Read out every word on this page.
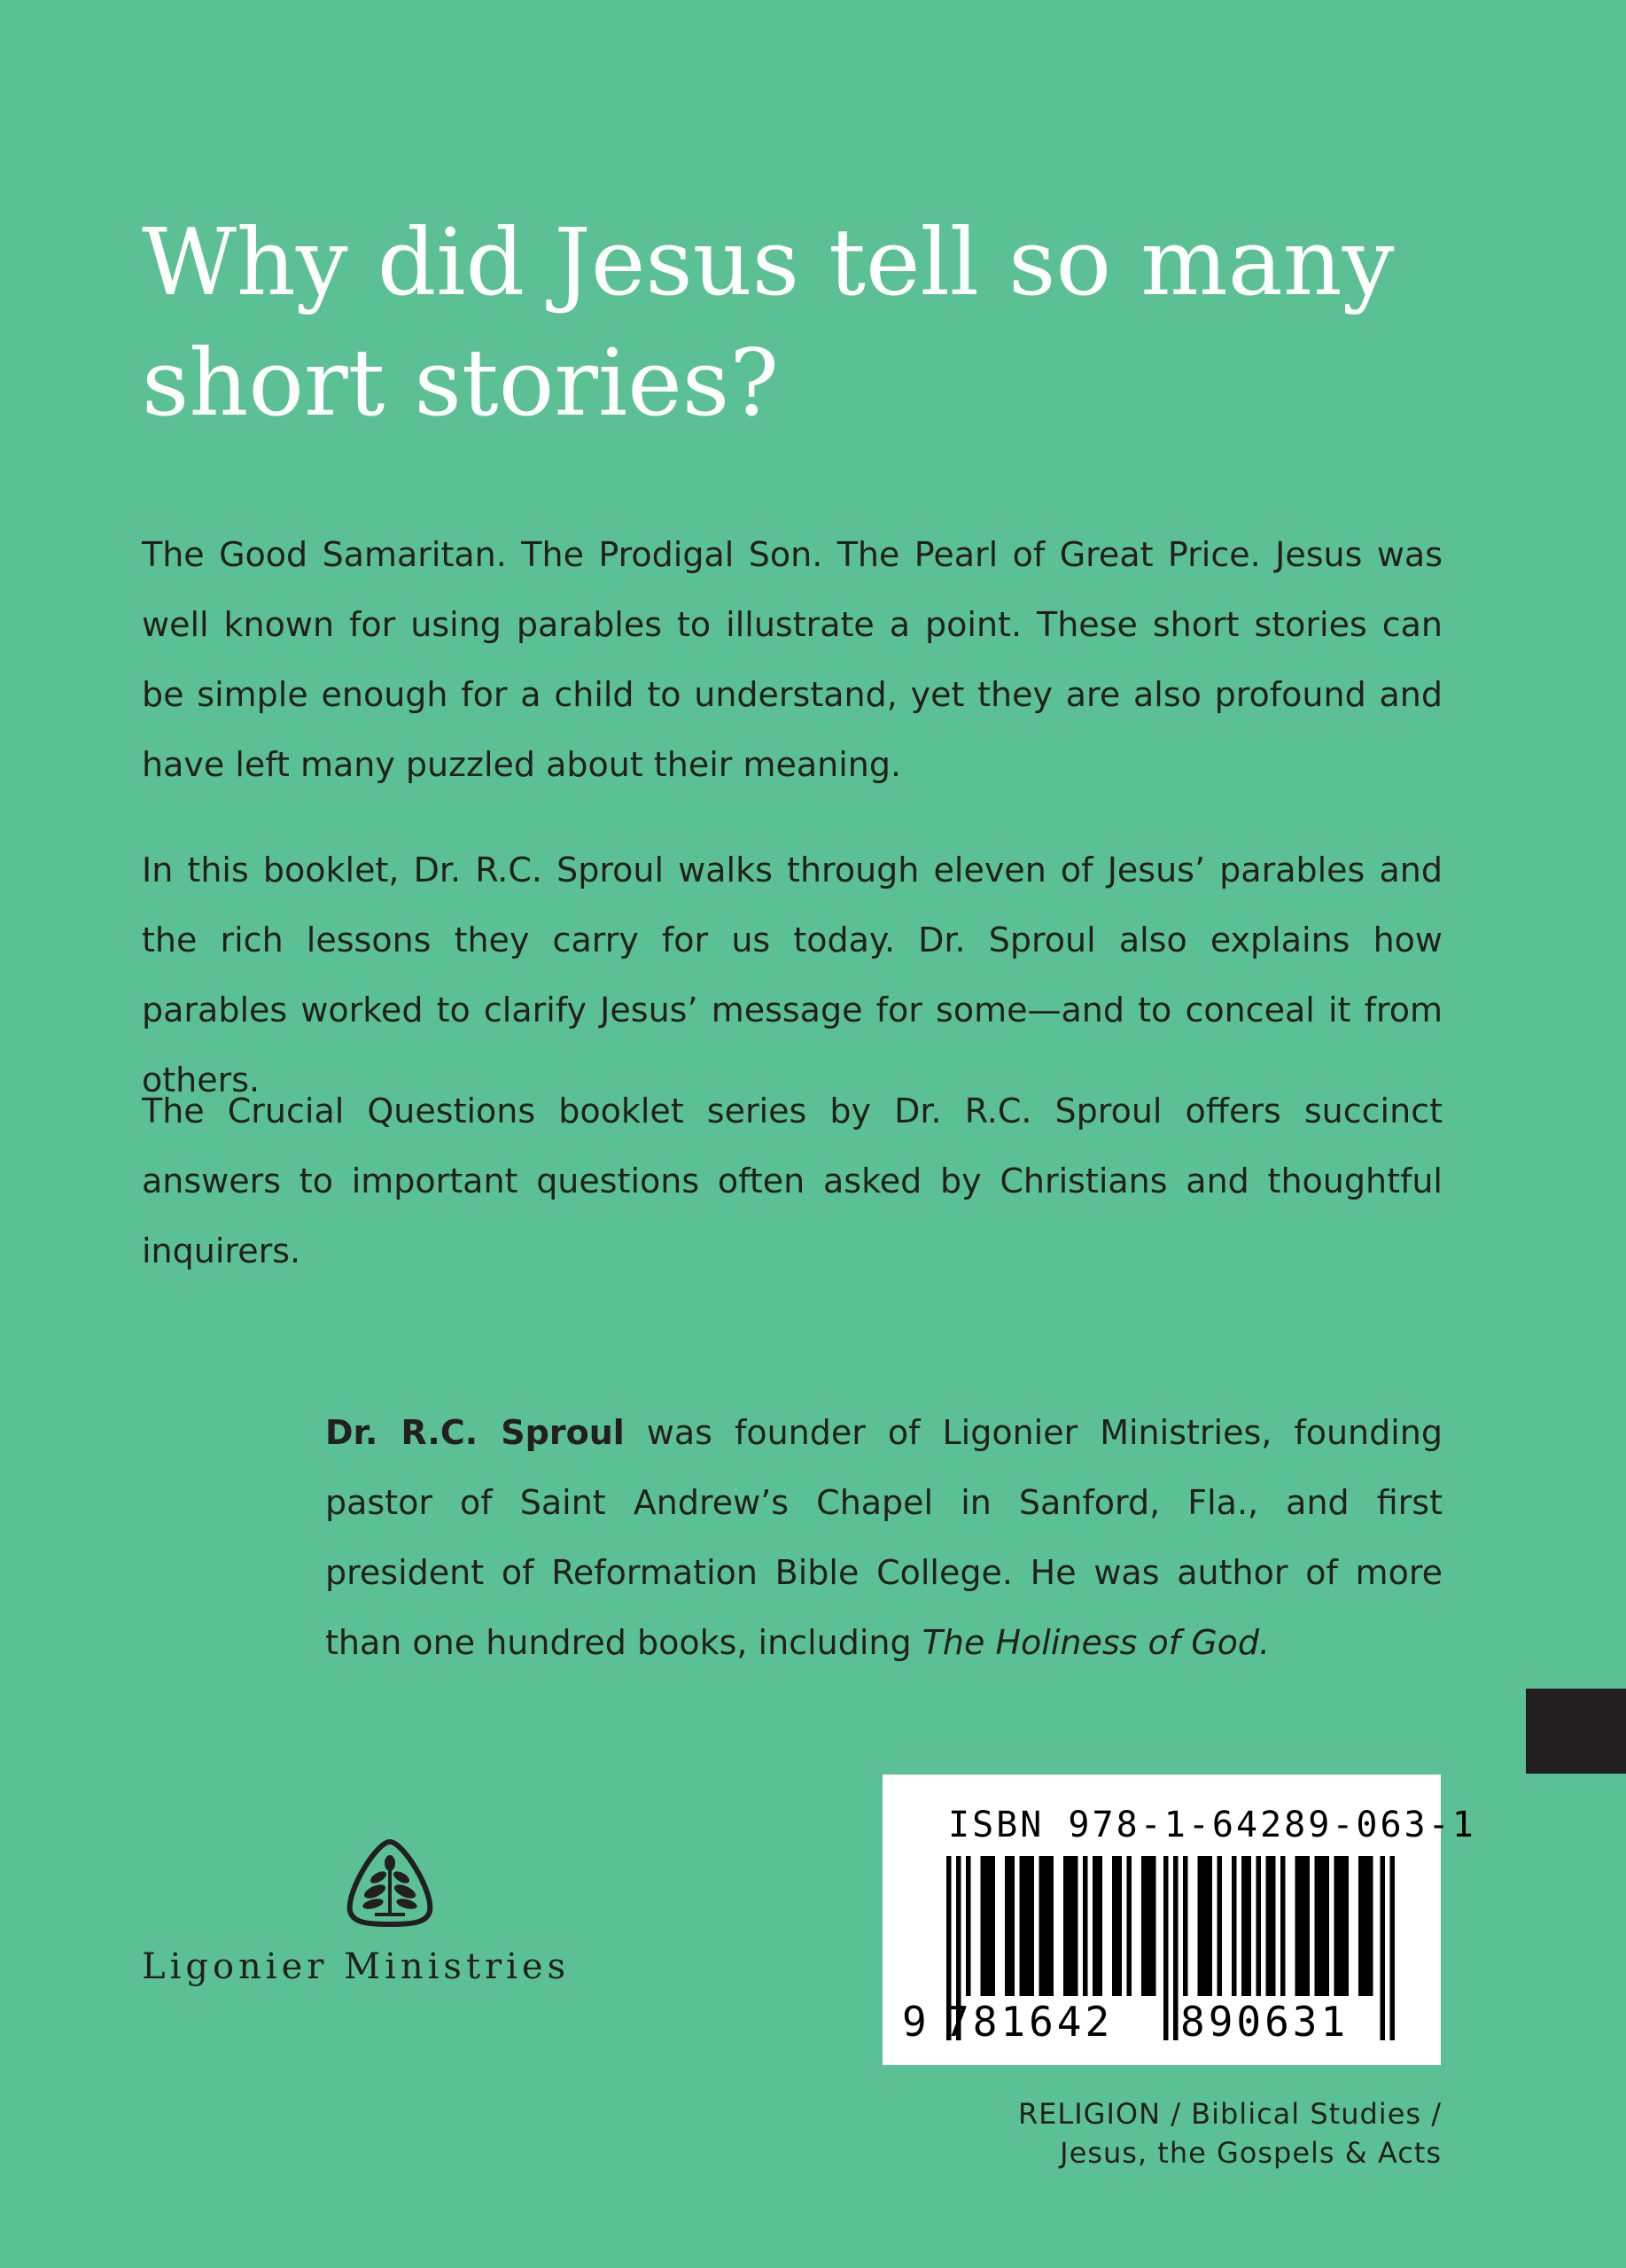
Why did Jesus tell so many short stories?

The Good Samaritan. The Prodigal Son. The Pearl of Great Price. Jesus was well known for using parables to illustrate a point. These short stories can be simple enough for a child to understand, yet they are also profound and have left many puzzled about their meaning.

In this booklet, Dr. R.C. Sproul walks through eleven of Jesus’ parables and the rich lessons they carry for us today. Dr. Sproul also explains how parables worked to clarify Jesus’ message for some—and to conceal it from others.

The Crucial Questions booklet series by Dr. R.C. Sproul offers succinct answers to important questions often asked by Christians and thoughtful inquirers.

Dr. R.C. Sproul was founder of Ligonier Ministries, founding pastor of Saint Andrew’s Chapel in Sanford, Fla., and first president of Reformation Bible College. He was author of more than one hundred books, including The Holiness of God.

Ligonier Ministries
ISBN 978-1-64289-063-1
9 781642 890631
RELIGION / Biblical Studies /
Jesus, the Gospels & Acts
